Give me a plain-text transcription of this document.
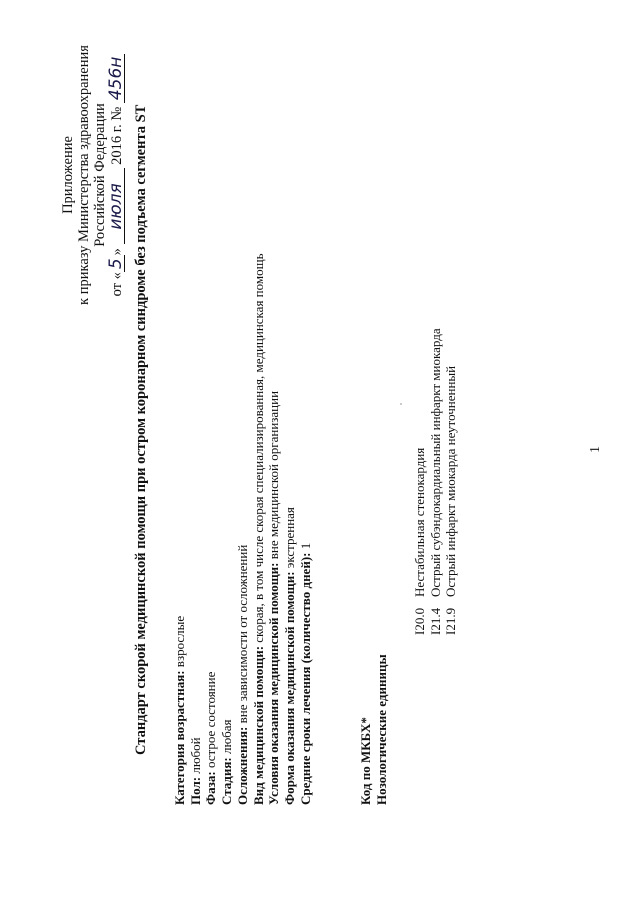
Приложение к приказу Министерства здравоохранения Российской Федерации
от «5» июля 2016 г. № 456н
Стандарт скорой медицинской помощи при остром коронарном синдроме без подъема сегмента ST Категория возрастная: взрослые
Пол: любой
Фаза: острое состояние
Стадия: любая Осложнения: вне зависимости от осложнений Вид медицинской помощи: скорая, в том числе скорая специализированная, медицинская помощь
Условия оказания медицинской помощи: вне медицинской организации
Форма оказания медицинской помощи: экстренная
Средние сроки лечения (количество дней): 1
Код по МКБХ* Нозологические единицы
I20.0Нестабильная стенокардия
I21.4Острый субэндокардиальный инфаркт миокарда
I21.9Острый инфаркт миокарда неуточненный	1
